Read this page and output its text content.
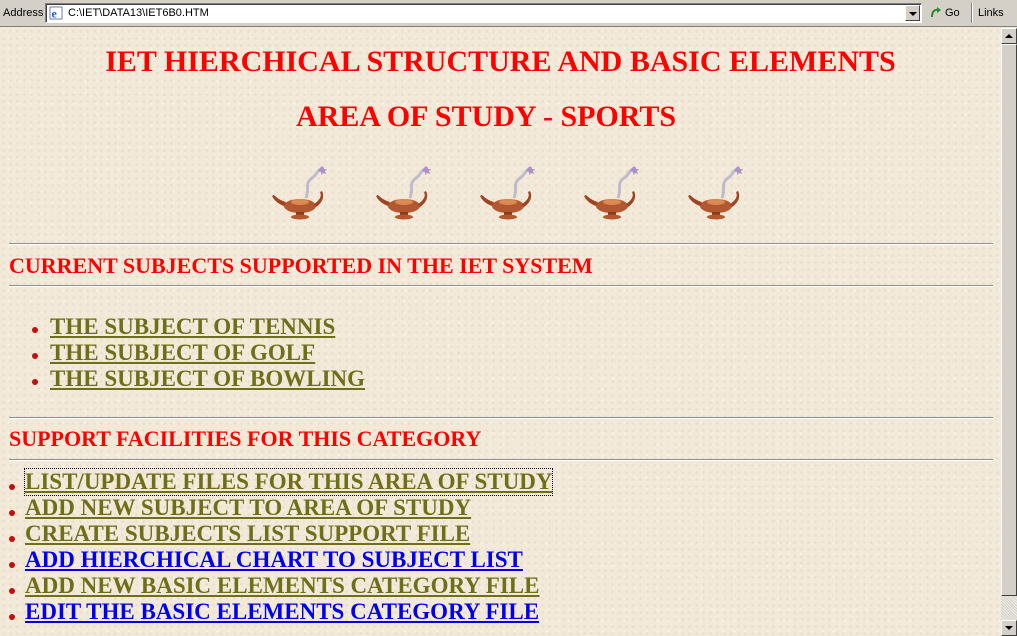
Address e C:\IET\DATA13\IET6B0.HTM	Go Links
IET HIERCHICAL STRUCTURE AND BASIC ELEMENTS
AREA OF STUDY - SPORTS
CURRENT SUBJECTS SUPPORTED IN THE IET SYSTEM
THE SUBJECT OF TENNIS
THE SUBJECT OF GOLF
THE SUBJECT OF BOWLING
SUPPORT FACILITIES FOR THIS CATEGORY
LIST/UPDATE FILES FOR THIS AREA OF STUDY
ADD NEW SUBJECT TO AREA OF STUDY
CREATE SUBJECTS LIST SUPPORT FILE
ADD HIERCHICAL CHART TO SUBJECT LIST
ADD NEW BASIC ELEMENTS CATEGORY FILE
EDIT THE BASIC ELEMENTS CATEGORY FILE
